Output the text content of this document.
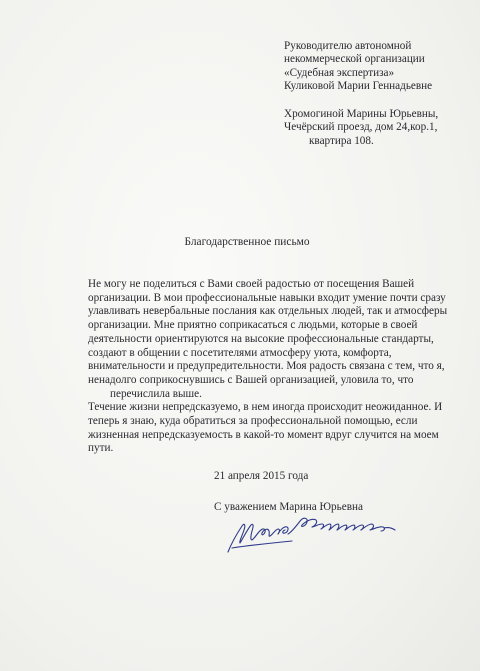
Руководителю автономной
некоммерческой организации
«Судебная экспертиза»
Куликовой Марии Геннадьевне
Хромогиной Марины Юрьевны,
Чечёрский проезд, дом 24,кор.1,
квартира 108.
Благодарственное письмо
Не могу не поделиться с Вами своей радостью от посещения Вашей
организации. В мои профессиональные навыки входит умение почти сразу
улавливать невербальные послания как отдельных людей, так и атмосферы
организации. Мне приятно соприкасаться с людьми, которые в своей
деятельности ориентируются на высокие профессиональные стандарты,
создают в общении с посетителями атмосферу уюта, комфорта,
внимательности и предупредительности. Моя радость связана с тем, что я,
ненадолго соприкоснувшись с Вашей организацией, уловила то, что
перечислила выше.
Течение жизни непредсказуемо, в нем иногда происходит неожиданное. И
теперь я знаю, куда обратиться за профессиональной помощью, если
жизненная непредсказуемость в какой-то момент вдруг случится на моем
пути.
21 апреля 2015 года
С уважением Марина Юрьевна
